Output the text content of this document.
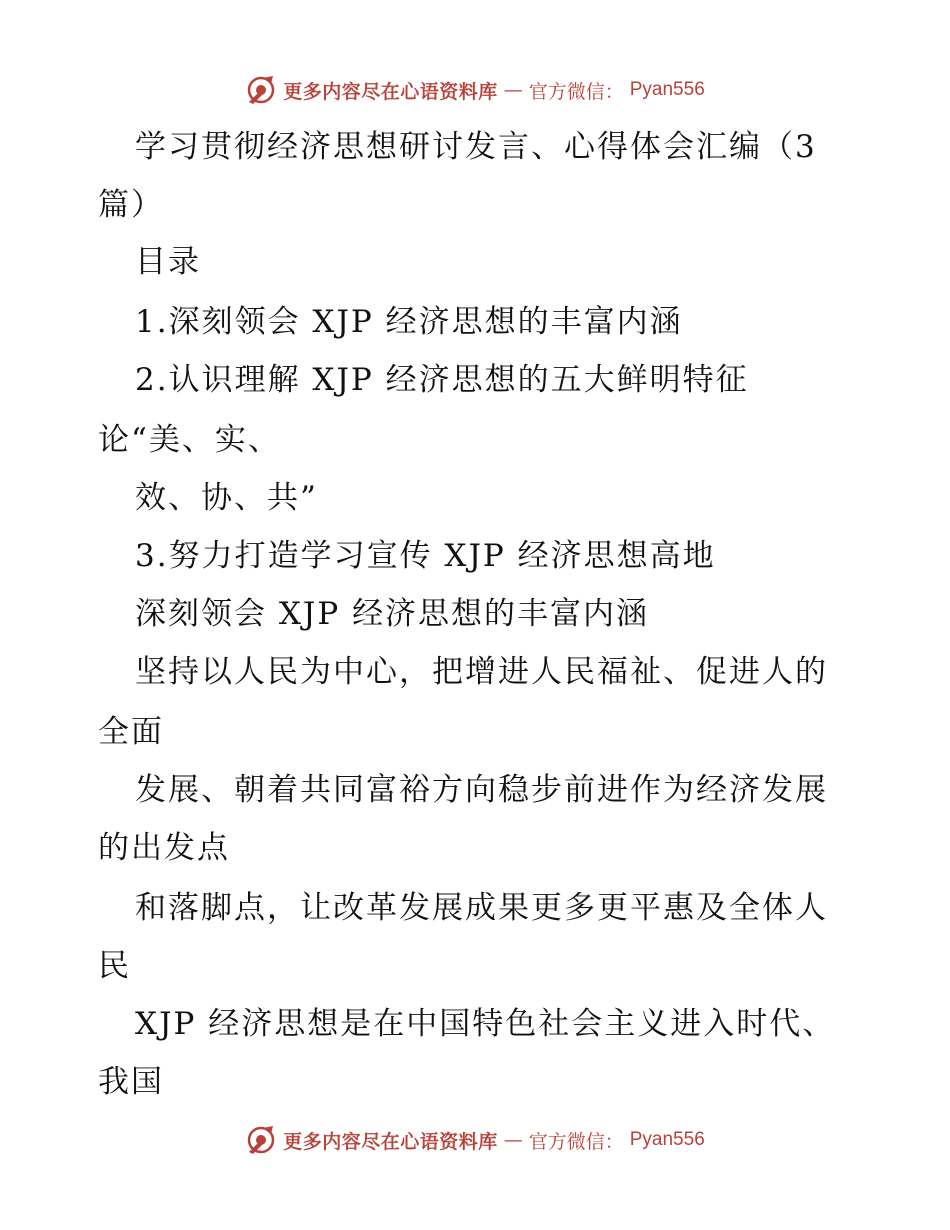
更多内容尽在心语资料库 — 官方微信： Pyan556
学习贯彻经济思想研讨发言、心得体会汇编（3
篇）
目录
1.深刻领会 XJP 经济思想的丰富内涵
2.认识理解 XJP 经济思想的五大鲜明特征
论“美、实、
效、协、共”
3.努力打造学习宣传 XJP 经济思想高地
深刻领会 XJP 经济思想的丰富内涵
坚持以人民为中心，把增进人民福祉、促进人的
全面
发展、朝着共同富裕方向稳步前进作为经济发展
的出发点
和落脚点，让改革发展成果更多更平惠及全体人
民
XJP 经济思想是在中国特色社会主义进入时代、
我国
更多内容尽在心语资料库 — 官方微信： Pyan556
